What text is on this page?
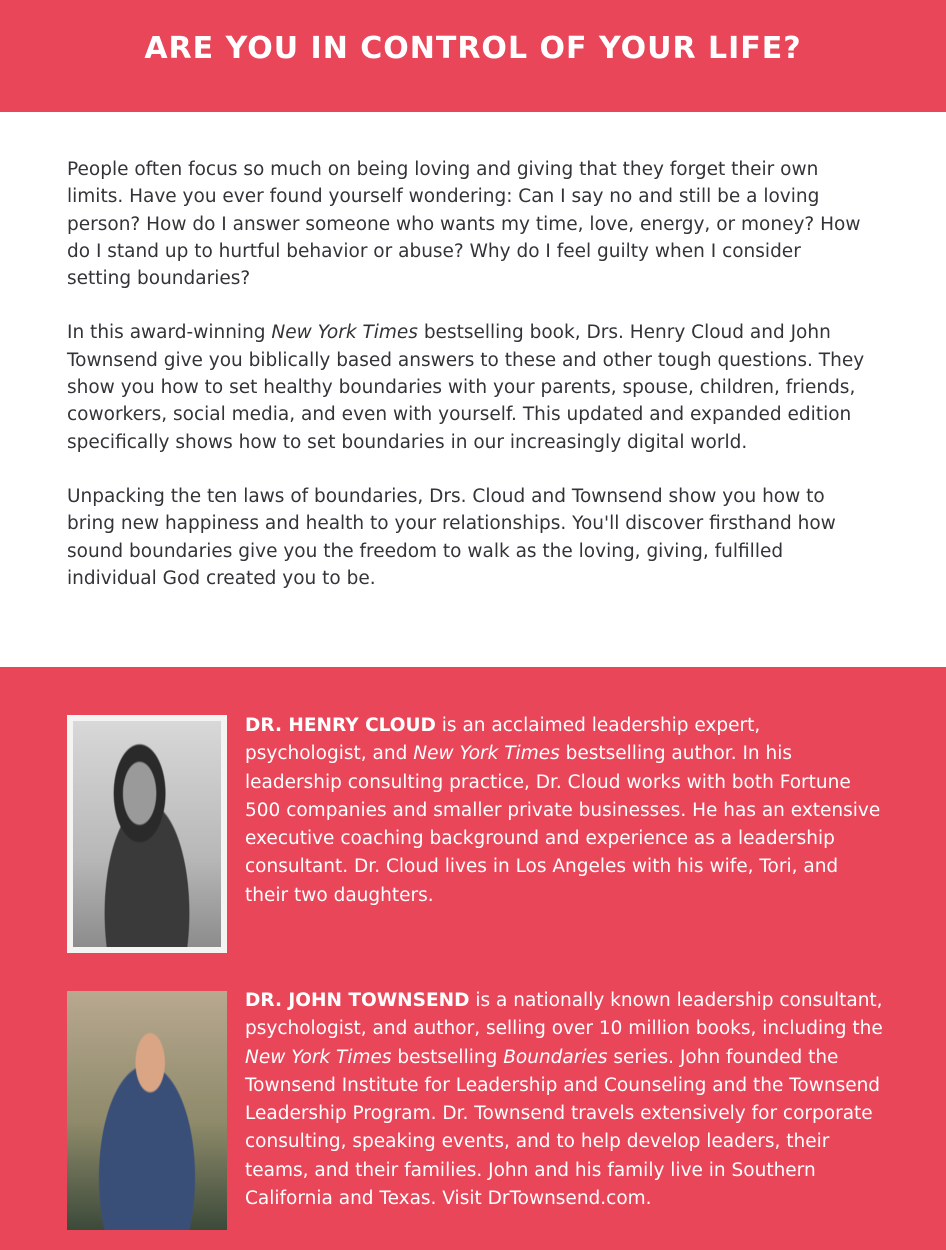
ARE YOU IN CONTROL OF YOUR LIFE?

People often focus so much on being loving and giving that they forget their own limits. Have you ever found yourself wondering: Can I say no and still be a loving person? How do I answer someone who wants my time, love, energy, or money? How do I stand up to hurtful behavior or abuse? Why do I feel guilty when I consider setting boundaries?

In this award-winning New York Times bestselling book, Drs. Henry Cloud and John Townsend give you biblically based answers to these and other tough questions. They show you how to set healthy boundaries with your parents, spouse, children, friends, coworkers, social media, and even with yourself. This updated and expanded edition specifically shows how to set boundaries in our increasingly digital world.

Unpacking the ten laws of boundaries, Drs. Cloud and Townsend show you how to bring new happiness and health to your relationships. You'll discover firsthand how sound boundaries give you the freedom to walk as the loving, giving, fulfilled individual God created you to be.

DR. HENRY CLOUD is an acclaimed leadership expert, psychologist, and New York Times bestselling author. In his leadership consulting practice, Dr. Cloud works with both Fortune 500 companies and smaller private businesses. He has an extensive executive coaching background and experience as a leadership consultant. Dr. Cloud lives in Los Angeles with his wife, Tori, and their two daughters.
DR. JOHN TOWNSEND is a nationally known leadership consultant, psychologist, and author, selling over 10 million books, including the New York Times bestselling Boundaries series. John founded the Townsend Institute for Leadership and Counseling and the Townsend Leadership Program. Dr. Townsend travels extensively for corporate consulting, speaking events, and to help develop leaders, their teams, and their families. John and his family live in Southern California and Texas. Visit DrTownsend.com.
